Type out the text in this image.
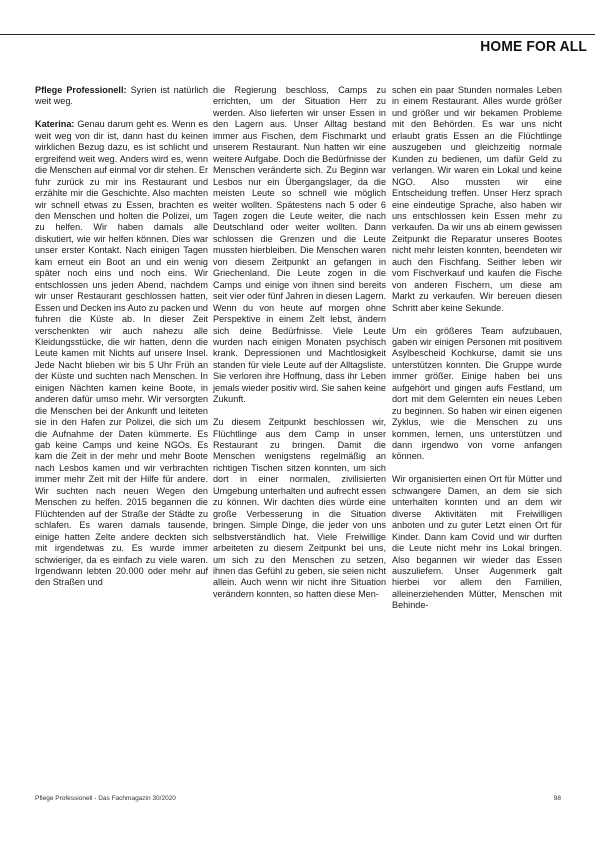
HOME FOR ALL

Pflege Professionell: Syrien ist natürlich weit weg.

Katerina: Genau darum geht es. Wenn es weit weg von dir ist, dann hast du keinen wirklichen Bezug dazu, es ist schlicht und ergreifend weit weg. Anders wird es, wenn die Menschen auf einmal vor dir stehen. Er fuhr zurück zu mir ins Restaurant und erzählte mir die Geschichte. Also machten wir schnell etwas zu Essen, brachten es den Menschen und holten die Polizei, um zu helfen. Wir haben damals alle diskutiert, wie wir helfen können. Dies war unser erster Kontakt. Nach einigen Tagen kam erneut ein Boot an und ein wenig später noch eins und noch eins. Wir entschlossen uns jeden Abend, nachdem wir unser Restaurant geschlossen hatten, Essen und Decken ins Auto zu packen und fuhren die Küste ab. In dieser Zeit verschenkten wir auch nahezu alle Kleidungsstücke, die wir hatten, denn die Leute kamen mit Nichts auf unsere Insel. Jede Nacht blieben wir bis 5 Uhr Früh an der Küste und suchten nach Menschen. In einigen Nächten kamen keine Boote, in anderen dafür umso mehr. Wir versorgten die Menschen bei der Ankunft und leiteten sie in den Hafen zur Polizei, die sich um die Aufnahme der Daten kümmerte. Es gab keine Camps und keine NGOs. Es kam die Zeit in der mehr und mehr Boote nach Lesbos kamen und wir verbrachten immer mehr Zeit mit der Hilfe für andere. Wir suchten nach neuen Wegen den Menschen zu helfen. 2015 begannen die Flüchtenden auf der Straße der Städte zu schlafen. Es waren damals tausende, einige hatten Zelte andere deckten sich mit irgendetwas zu. Es wurde immer schwieriger, da es einfach zu viele waren. Irgendwann lebten 20.000 oder mehr auf den Straßen und

die Regierung beschloss, Camps zu errichten, um der Situation Herr zu werden. Also lieferten wir unser Essen in den Lagern aus. Unser Alltag bestand immer aus Fischen, dem Fischmarkt und unserem Restaurant. Nun hatten wir eine weitere Aufgabe. Doch die Bedürfnisse der Menschen veränderte sich. Zu Beginn war Lesbos nur ein Übergangslager, da die meisten Leute so schnell wie möglich weiter wollten. Spätestens nach 5 oder 6 Tagen zogen die Leute weiter, die nach Deutschland oder weiter wollten. Dann schlossen die Grenzen und die Leute mussten hierbleiben. Die Menschen waren von diesem Zeitpunkt an gefangen in Griechenland. Die Leute zogen in die Camps und einige von ihnen sind bereits seit vier oder fünf Jahren in diesen Lagern. Wenn du von heute auf morgen ohne Perspektive in einem Zelt lebst, ändern sich deine Bedürfnisse. Viele Leute wurden nach einigen Monaten psychisch krank. Depressionen und Machtlosigkeit standen für viele Leute auf der Alltagsliste. Sie verloren ihre Hoffnung, dass ihr Leben jemals wieder positiv wird. Sie sahen keine Zukunft.

Zu diesem Zeitpunkt beschlossen wir, Flüchtlinge aus dem Camp in unser Restaurant zu bringen. Damit die Menschen wenigstens regelmäßig an richtigen Tischen sitzen konnten, um sich dort in einer normalen, zivilisierten Umgebung unterhalten und aufrecht essen zu können. Wir dachten dies würde eine große Verbesserung in die Situation bringen. Simple Dinge, die jeder von uns selbstverständlich hat. Viele Freiwillige arbeiteten zu diesem Zeitpunkt bei uns, um sich zu den Menschen zu setzen, ihnen das Gefühl zu geben, sie seien nicht allein. Auch wenn wir nicht ihre Situation verändern konnten, so hatten diese Men-

schen ein paar Stunden normales Leben in einem Restaurant. Alles wurde größer und größer und wir bekamen Probleme mit den Behörden. Es war uns nicht erlaubt gratis Essen an die Flüchtlinge auszugeben und gleichzeitig normale Kunden zu bedienen, um dafür Geld zu verlangen. Wir waren ein Lokal und keine NGO. Also mussten wir eine Entscheidung treffen. Unser Herz sprach eine eindeutige Sprache, also haben wir uns entschlossen kein Essen mehr zu verkaufen. Da wir uns ab einem gewissen Zeitpunkt die Reparatur unseres Bootes nicht mehr leisten konnten, beendeten wir auch den Fischfang. Seither leben wir vom Fischverkauf und kaufen die Fische von anderen Fischern, um diese am Markt zu verkaufen. Wir bereuen diesen Schritt aber keine Sekunde.

Um ein größeres Team aufzubauen, gaben wir einigen Personen mit positivem Asylbescheid Kochkurse, damit sie uns unterstützen konnten. Die Gruppe wurde immer größer. Einige haben bei uns aufgehört und gingen aufs Festland, um dort mit dem Gelernten ein neues Leben zu beginnen. So haben wir einen eigenen Zyklus, wie die Menschen zu uns kommen, lernen, uns unterstützen und dann irgendwo von vorne anfangen können.

Wir organisierten einen Ort für Mütter und schwangere Damen, an dem sie sich unterhalten konnten und an dem wir diverse Aktivitäten mit Freiwilligen anboten und zu guter Letzt einen Ort für Kinder. Dann kam Covid und wir durften die Leute nicht mehr ins Lokal bringen. Also begannen wir wieder das Essen auszuliefern. Unser Augenmerk galt hierbei vor allem den Familien, alleinerziehenden Mütter, Menschen mit Behinde-

Pflege Professionell - Das Fachmagazin 30/2020	98
